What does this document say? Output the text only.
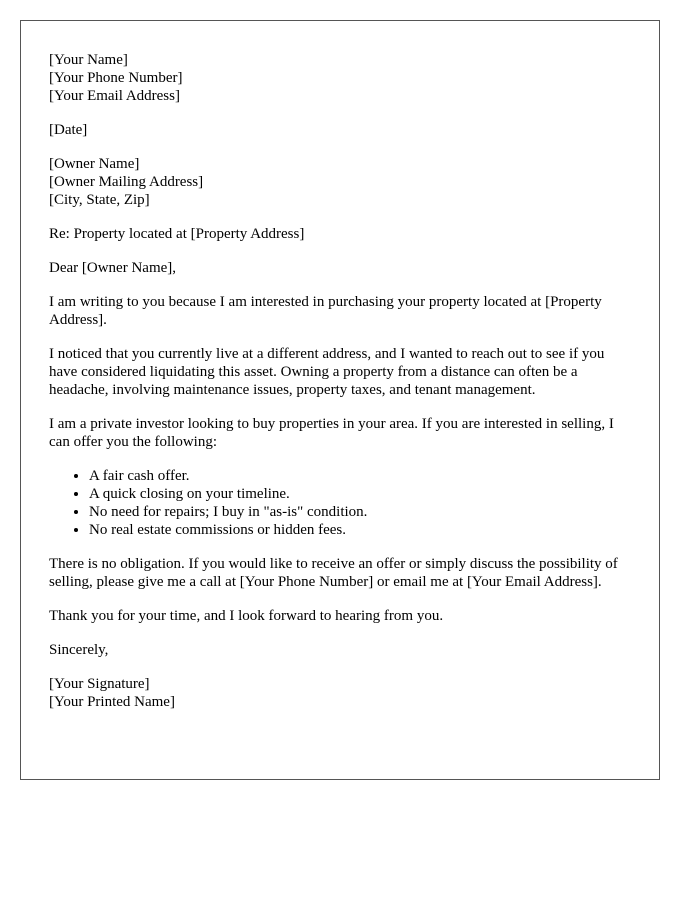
[Your Name]
[Your Phone Number]
[Your Email Address]
[Date]
[Owner Name]
[Owner Mailing Address]
[City, State, Zip]

Re: Property located at [Property Address]

Dear [Owner Name],

I am writing to you because I am interested in purchasing your property located at [Property Address].

I noticed that you currently live at a different address, and I wanted to reach out to see if you have considered liquidating this asset. Owning a property from a distance can often be a headache, involving maintenance issues, property taxes, and tenant management.

I am a private investor looking to buy properties in your area. If you are interested in selling, I can offer you the following:

• A fair cash offer.
• A quick closing on your timeline.
• No need for repairs; I buy in "as-is" condition.
• No real estate commissions or hidden fees.

There is no obligation. If you would like to receive an offer or simply discuss the possibility of selling, please give me a call at [Your Phone Number] or email me at [Your Email Address].

Thank you for your time, and I look forward to hearing from you.

Sincerely,

[Your Signature]
[Your Printed Name]
